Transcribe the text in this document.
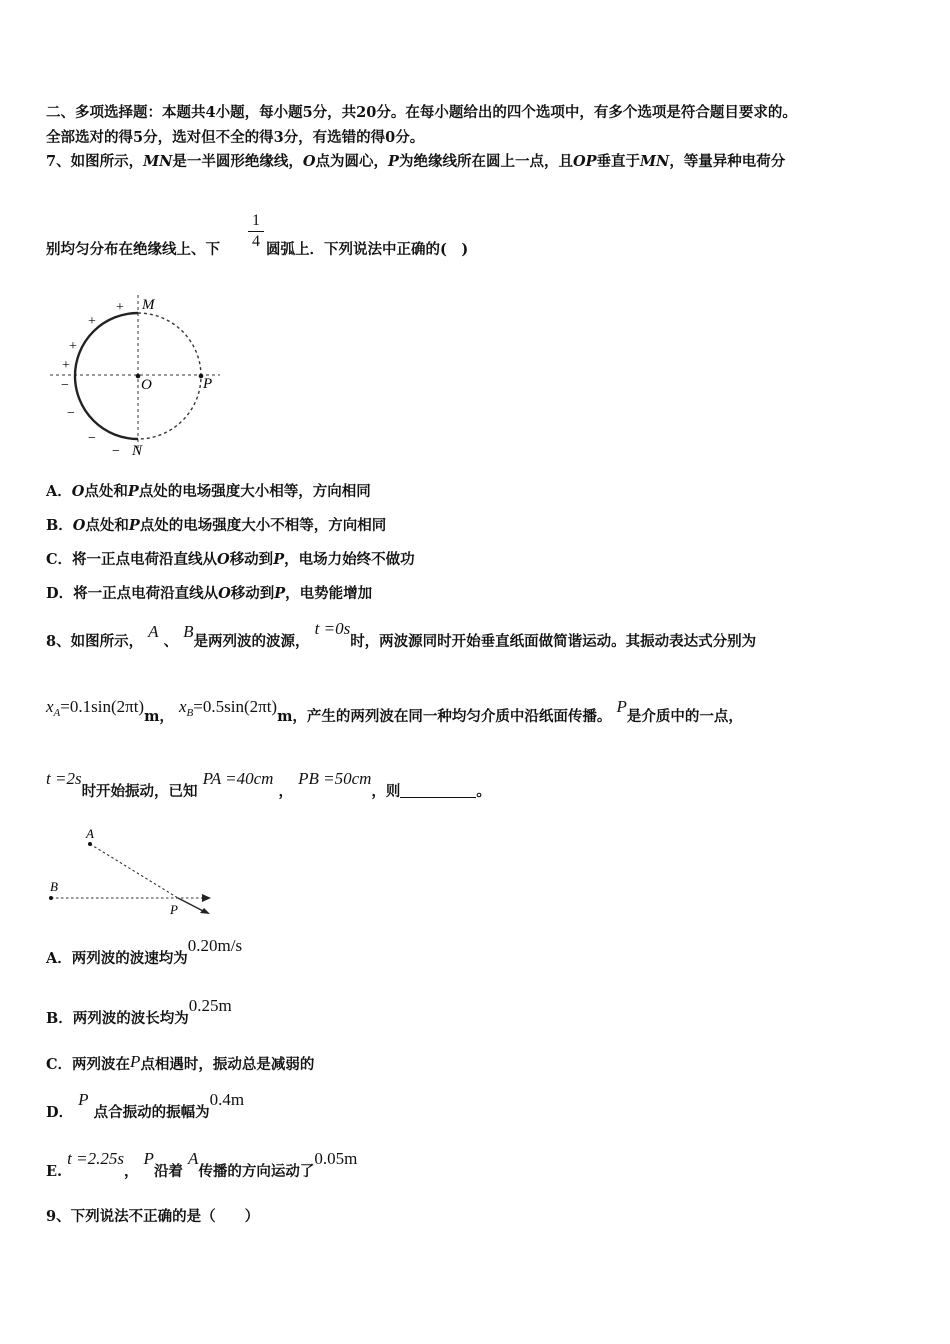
二、多项选择题：本题共4小题，每小题5分，共20分。在每小题给出的四个选项中，有多个选项是符合题目要求的。
全部选对的得5分，选对但不全的得3分，有选错的得0分。
7、如图所示，MN是一半圆形绝缘线，O点为圆心，P为绝缘线所在圆上一点，且OP垂直于MN，等量异种电荷分
别均匀分布在绝缘线上、下
1
4 圆弧上．下列说法中正确的(　)
M
N
O	P
+
+
+
+
−
−
−
−
A．O点处和P点处的电场强度大小相等，方向相同
B．O点处和P点处的电场强度大小不相等，方向相同
C．将一正点电荷沿直线从O移动到P，电场力始终不做功
D．将一正点电荷沿直线从O移动到P，电势能增加
8、如图所示， A 、 B是两列波的波源， t =0s时，两波源同时开始垂直纸面做简谐运动。其振动表达式分别为
$x_A=0.1\sin(2\pi t)m$， $x_B=0.5\sin(2\pi t)m$，产生的两列波在同一种均匀介质中沿纸面传播。 P是介质中的一点，
t =2s时开始振动，已知 PA =40cm ， PB =50cm，则	。
A
B
P
A．两列波的波速均为0.20m/s
B．两列波的波长均为0.25m
C．两列波在P点相遇时，振动总是减弱的
D． P 点合振动的振幅为0.4m
E. t =2.25s， P沿着 A传播的方向运动了0.05m
9、下列说法不正确的是（　　）
